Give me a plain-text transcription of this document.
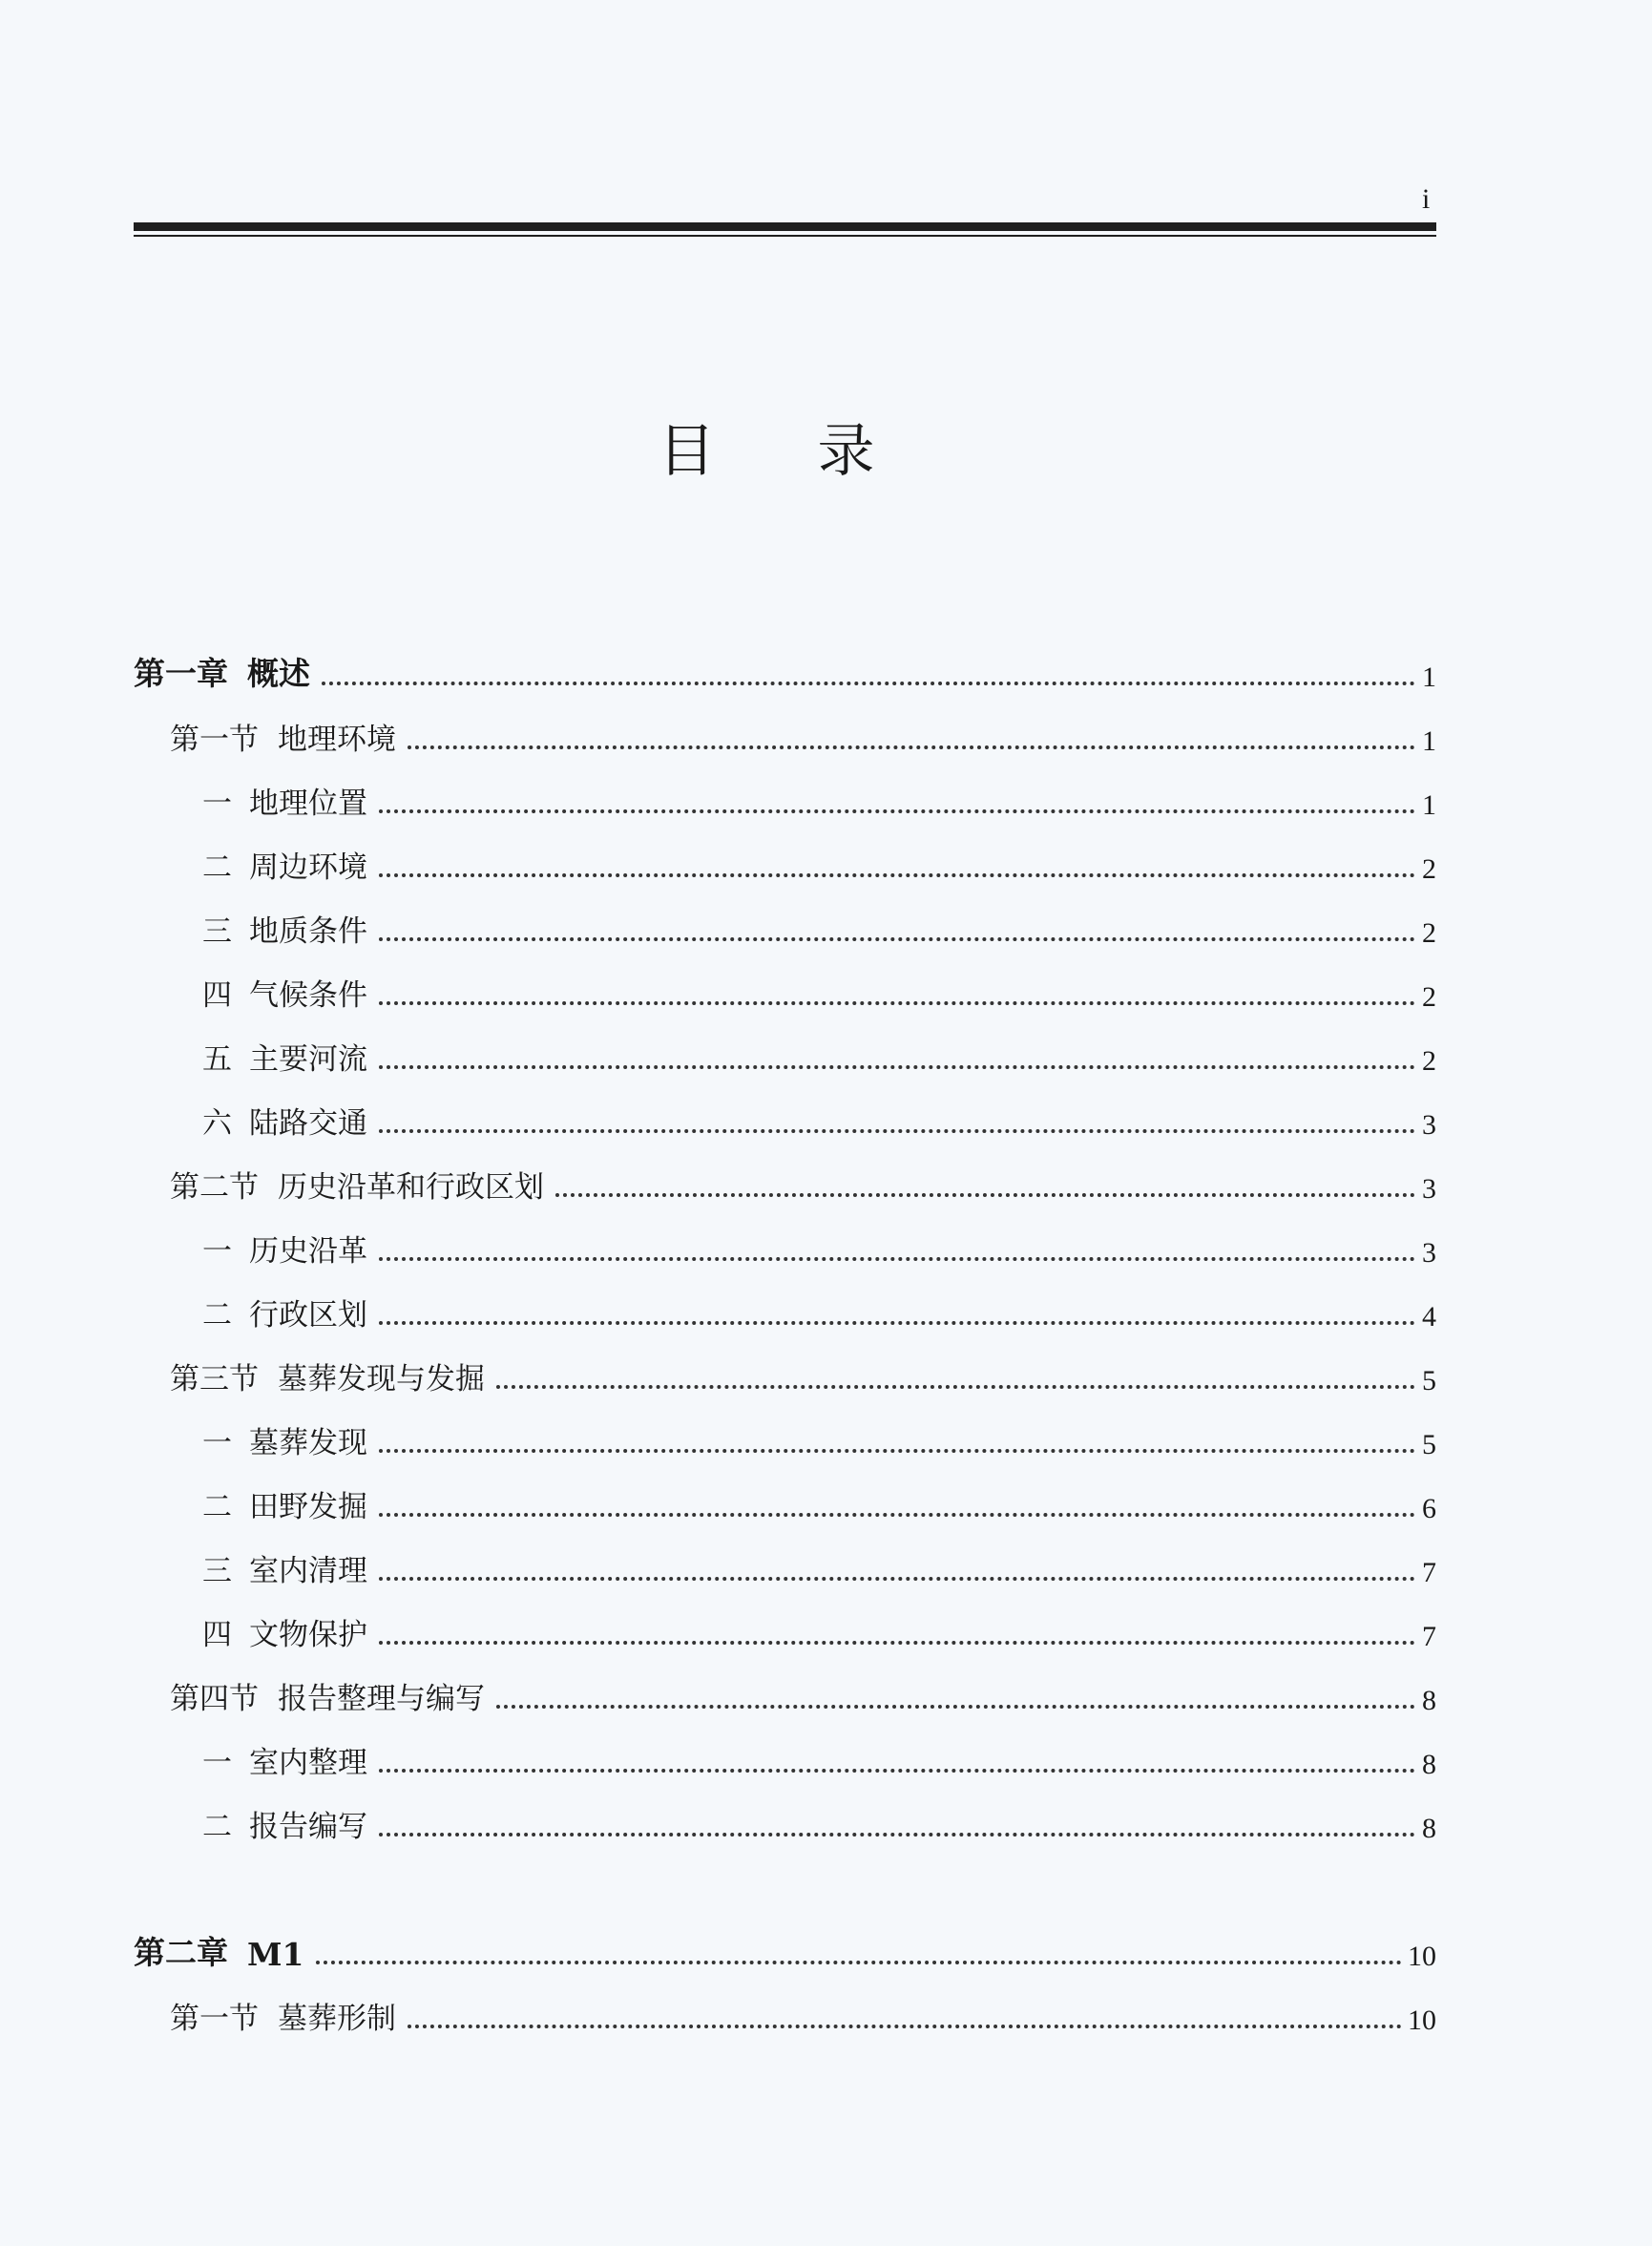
i
目 录
第一章 概述	1
第一节 地理环境	1
一 地理位置	1
二 周边环境	2
三 地质条件	2
四 气候条件	2
五 主要河流	2
六 陆路交通	3
第二节 历史沿革和行政区划	3
一 历史沿革	3
二 行政区划	4
第三节 墓葬发现与发掘	5
一 墓葬发现	5
二 田野发掘	6
三 室内清理	7
四 文物保护	7
第四节 报告整理与编写	8
一 室内整理	8
二 报告编写	8
第二章 M1	10
第一节 墓葬形制	10
